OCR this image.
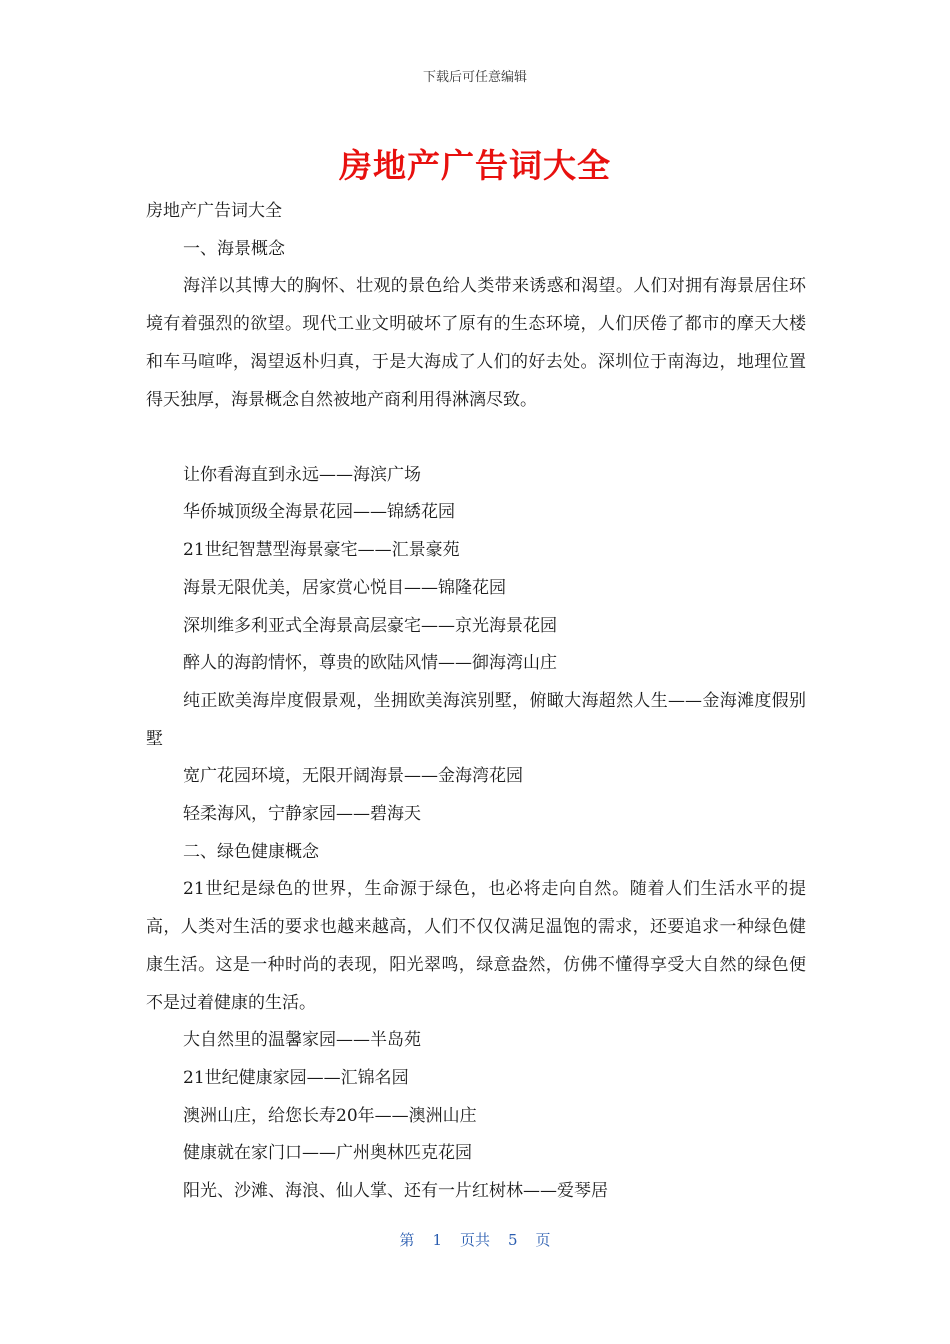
下载后可任意编辑
房地产广告词大全

房地产广告词大全

一、海景概念

海洋以其博大的胸怀、壮观的景色给人类带来诱惑和渴望。人们对拥有海景居住环境有着强烈的欲望。现代工业文明破坏了原有的生态环境，人们厌倦了都市的摩天大楼和车马喧哗，渴望返朴归真，于是大海成了人们的好去处。深圳位于南海边，地理位置得天独厚，海景概念自然被地产商利用得淋漓尽致。

让你看海直到永远——海滨广场

华侨城顶级全海景花园——锦綉花园

21世纪智慧型海景豪宅——汇景豪苑

海景无限优美，居家赏心悦目——锦隆花园

深圳维多利亚式全海景高层豪宅——京光海景花园

醉人的海韵情怀，尊贵的欧陆风情——御海湾山庄

纯正欧美海岸度假景观，坐拥欧美海滨别墅，俯瞰大海超然人生——金海滩度假别墅

宽广花园环境，无限开阔海景——金海湾花园

轻柔海风，宁静家园——碧海天

二、绿色健康概念

21世纪是绿色的世界，生命源于绿色，也必将走向自然。随着人们生活水平的提高，人类对生活的要求也越来越高，人们不仅仅满足温饱的需求，还要追求一种绿色健康生活。这是一种时尚的表现，阳光翠鸣，绿意盎然，仿佛不懂得享受大自然的绿色便不是过着健康的生活。

大自然里的温馨家园——半岛苑

21世纪健康家园——汇锦名园

澳洲山庄，给您长寿20年——澳洲山庄

健康就在家门口——广州奥林匹克花园

阳光、沙滩、海浪、仙人掌、还有一片红树林——爱琴居

第 1 页共 5 页
